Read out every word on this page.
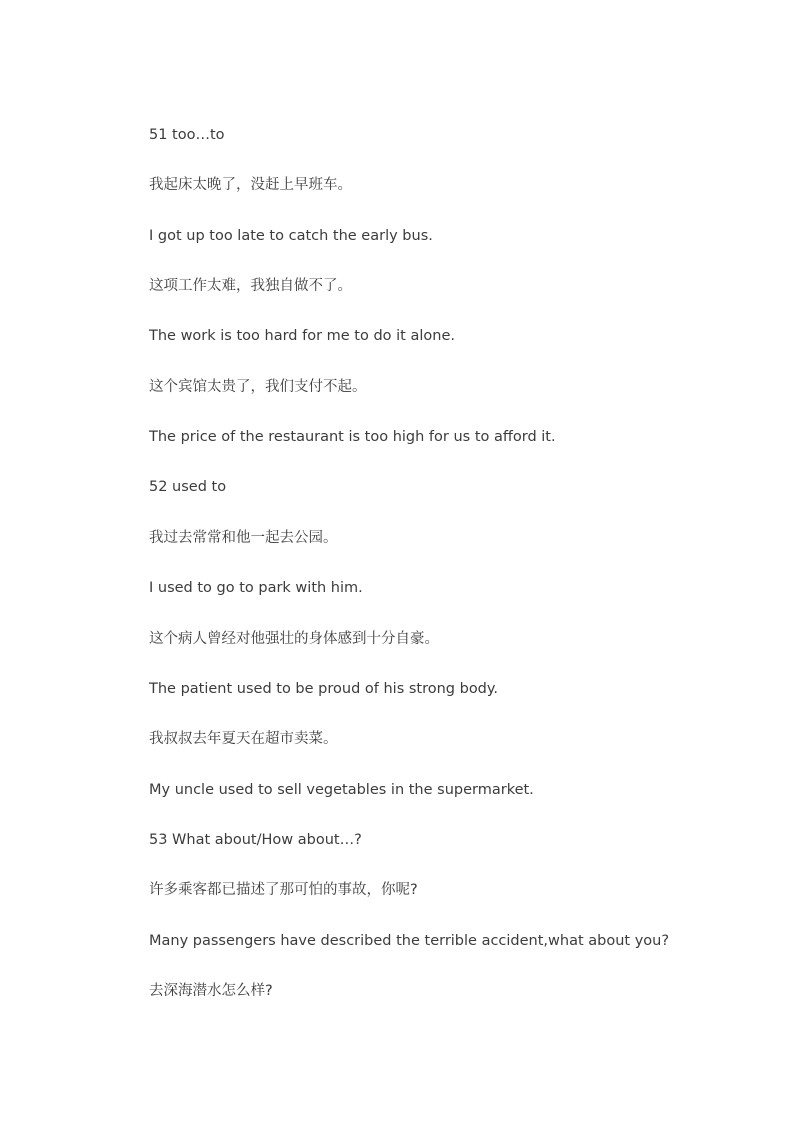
51 too…to

我起床太晚了，没赶上早班车。

I got up too late to catch the early bus.

这项工作太难，我独自做不了。

The work is too hard for me to do it alone.

这个宾馆太贵了，我们支付不起。

The price of the restaurant is too high for us to afford it.

52 used to

我过去常常和他一起去公园。

I used to go to park with him.

这个病人曾经对他强壮的身体感到十分自豪。

The patient used to be proud of his strong body.

我叔叔去年夏天在超市卖菜。

My uncle used to sell vegetables in the supermarket.

53 What about/How about…?

许多乘客都已描述了那可怕的事故，你呢?

Many passengers have described the terrible accident,what about you?

去深海潜水怎么样?
